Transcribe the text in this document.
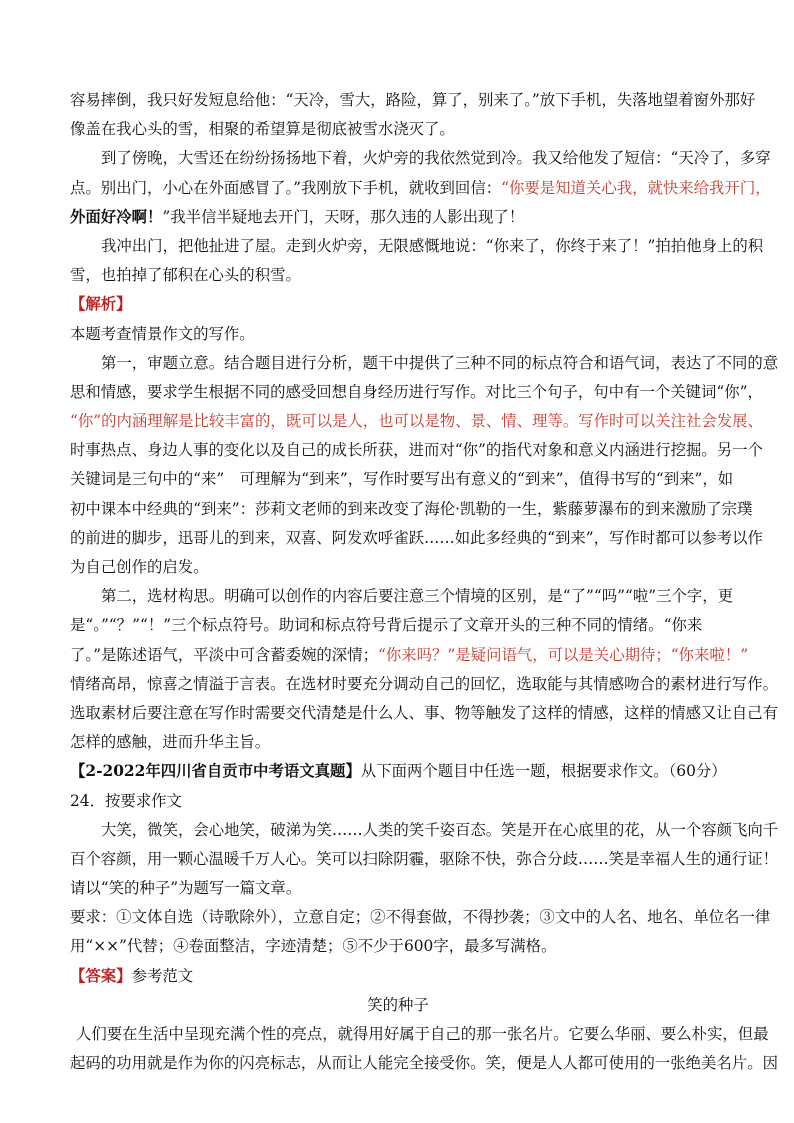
容易摔倒，我只好发短息给他：“天冷，雪大，路险，算了，别来了。”放下手机，失落地望着窗外那好

像盖在我心头的雪，相聚的希望算是彻底被雪水浇灭了。

到了傍晚，大雪还在纷纷扬扬地下着，火炉旁的我依然觉到冷。我又给他发了短信：“天冷了，多穿

点。别出门，小心在外面感冒了。”我刚放下手机，就收到回信：“你要是知道关心我，就快来给我开门，

外面好冷啊！”我半信半疑地去开门，天呀，那久违的人影出现了！

我冲出门，把他扯进了屋。走到火炉旁，无限感慨地说：“你来了，你终于来了！”拍拍他身上的积

雪，也拍掉了郁积在心头的积雪。

【解析】

本题考查情景作文的写作。

第一，审题立意。结合题目进行分析，题干中提供了三种不同的标点符合和语气词，表达了不同的意

思和情感，要求学生根据不同的感受回想自身经历进行写作。对比三个句子，句中有一个关键词“你”，

“你”的内涵理解是比较丰富的，既可以是人，也可以是物、景、情、理等。写作时可以关注社会发展、

时事热点、身边人事的变化以及自己的成长所获，进而对“你”的指代对象和意义内涵进行挖掘。另一个

关键词是三句中的“来”　可理解为“到来”，写作时要写出有意义的“到来”，值得书写的“到来”，如

初中课本中经典的“到来”：莎莉文老师的到来改变了海伦·凯勒的一生，紫藤萝瀑布的到来激励了宗璞

的前进的脚步，迅哥儿的到来，双喜、阿发欢呼雀跃……如此多经典的“到来”，写作时都可以参考以作

为自己创作的启发。

第二，选材构思。明确可以创作的内容后要注意三个情境的区别，是“了”“吗”“啦”三个字，更

是“。”“？”“！”三个标点符号。助词和标点符号背后提示了文章开头的三种不同的情绪。“你来

了。”是陈述语气，平淡中可含蓄委婉的深情；“你来吗？”是疑问语气，可以是关心期待；“你来啦！”

情绪高昂，惊喜之情溢于言表。在选材时要充分调动自己的回忆，选取能与其情感吻合的素材进行写作。

选取素材后要注意在写作时需要交代清楚是什么人、事、物等触发了这样的情感，这样的情感又让自己有

怎样的感触，进而升华主旨。

【2-2022年四川省自贡市中考语文真题】从下面两个题目中任选一题，根据要求作文。（60分）

24．按要求作文

大笑，微笑，会心地笑，破涕为笑……人类的笑千姿百态。笑是开在心底里的花，从一个容颜飞向千

百个容颜，用一颗心温暖千万人心。笑可以扫除阴霾，驱除不快，弥合分歧……笑是幸福人生的通行证！

请以“笑的种子”为题写一篇文章。

要求：①文体自选（诗歌除外），立意自定；②不得套做，不得抄袭；③文中的人名、地名、单位名一律

用“××”代替；④卷面整洁，字迹清楚；⑤不少于600字，最多写满格。

【答案】参考范文

笑的种子

人们要在生活中呈现充满个性的亮点，就得用好属于自己的那一张名片。它要么华丽、要么朴实，但最

起码的功用就是作为你的闪亮标志，从而让人能完全接受你。笑，便是人人都可使用的一张绝美名片。因
